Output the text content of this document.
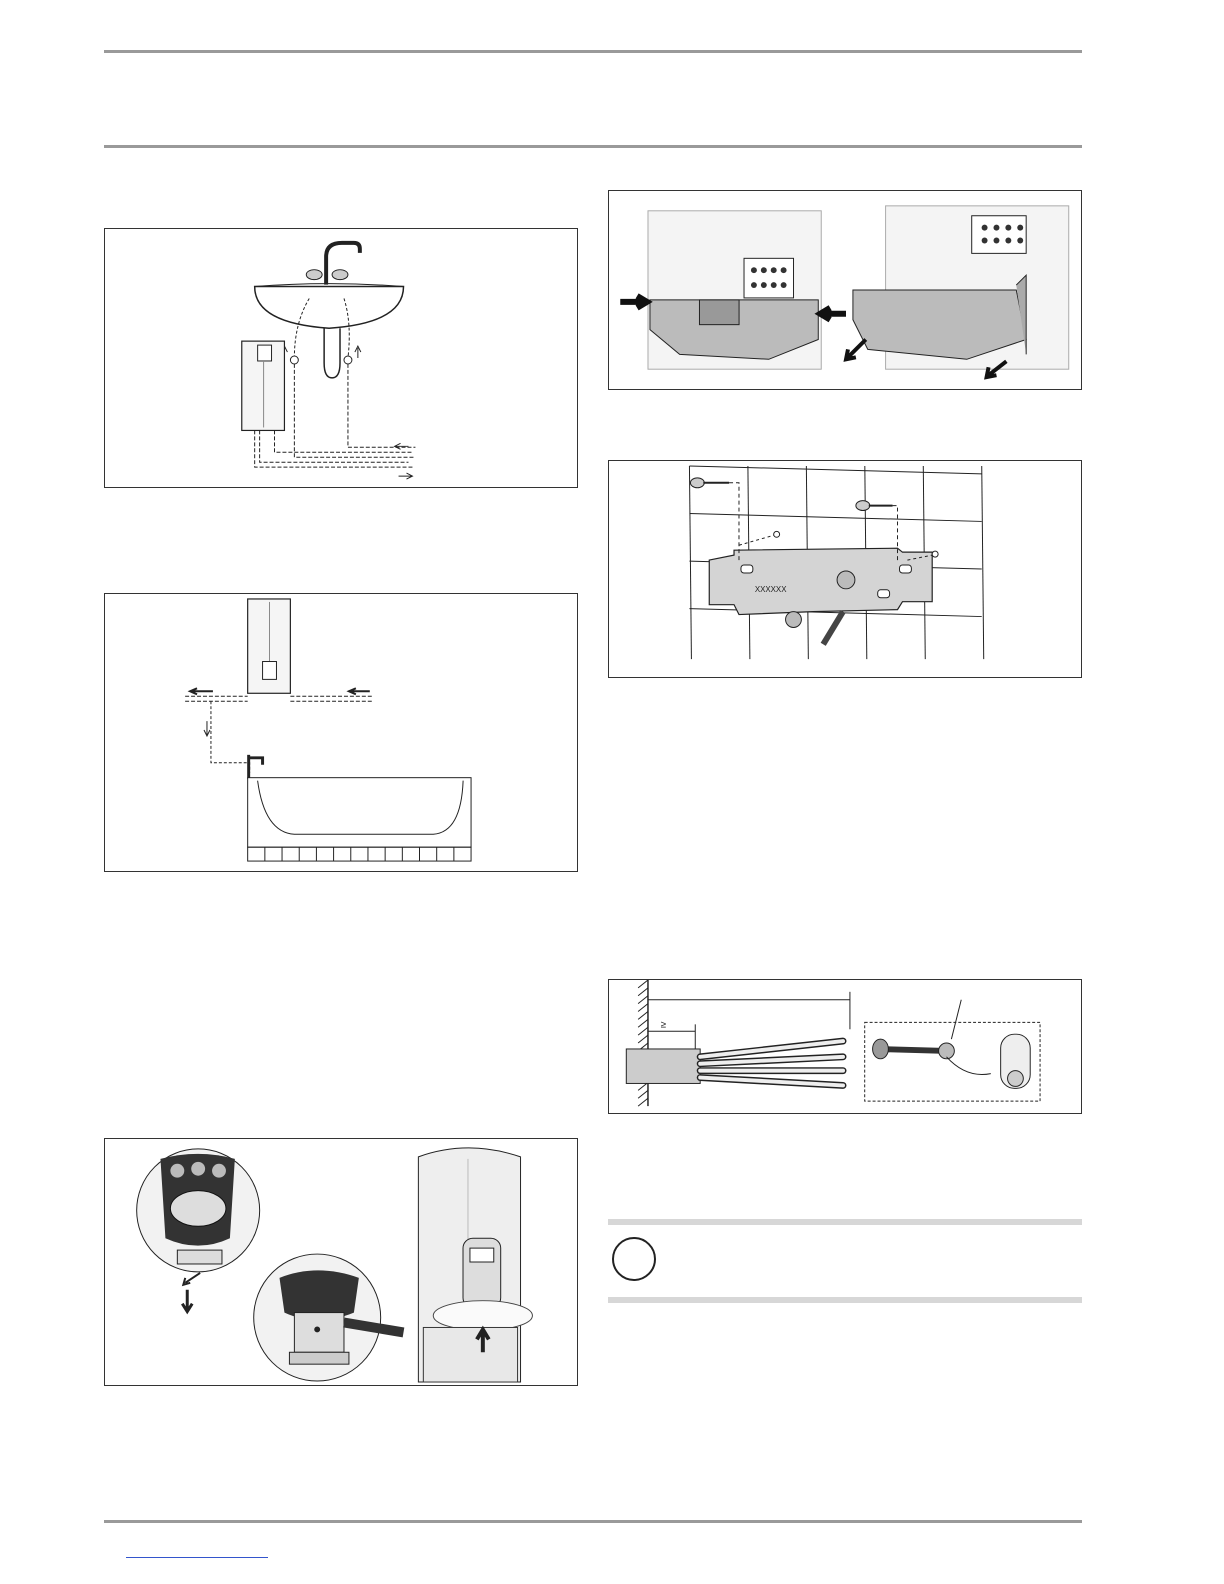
XXXXXX
≥
